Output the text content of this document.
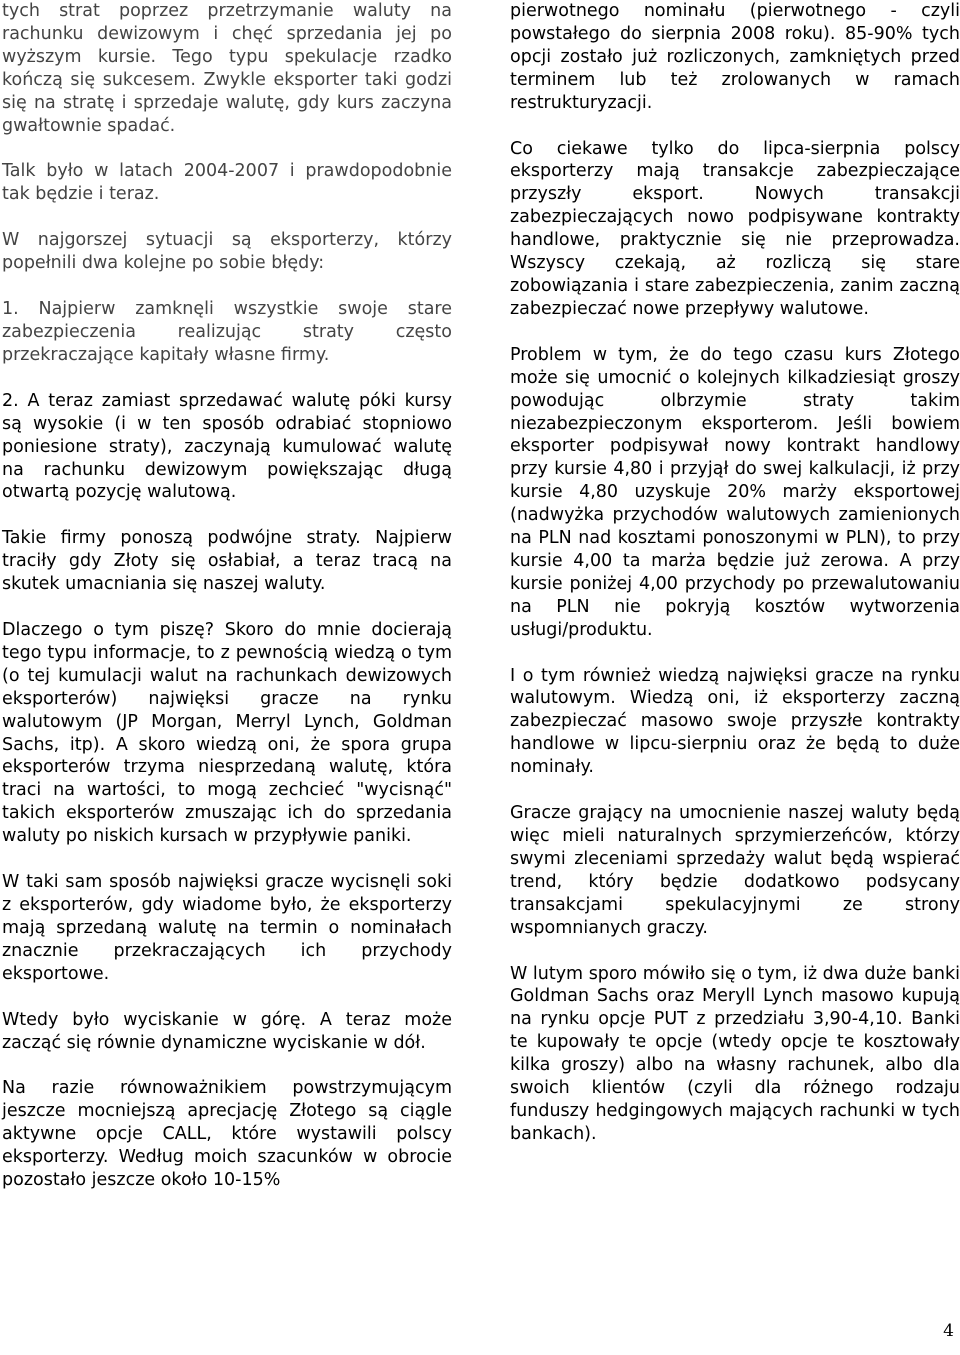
tych strat poprzez przetrzymanie waluty na rachunku dewizowym i chęć sprzedania jej po wyższym kursie. Tego typu spekulacje rzadko kończą się sukcesem. Zwykle eksporter taki godzi się na stratę i sprzedaje walutę, gdy kurs zaczyna gwałtownie spadać.

Talk było w latach 2004-2007 i prawdopodobnie tak będzie i teraz.

W najgorszej sytuacji są eksporterzy, którzy popełnili dwa kolejne po sobie błędy:

1. Najpierw zamknęli wszystkie swoje stare zabezpieczenia realizując straty często przekraczające kapitały własne firmy.

2. A teraz zamiast sprzedawać walutę póki kursy są wysokie (i w ten sposób odrabiać stopniowo poniesione straty), zaczynają kumulować walutę na rachunku dewizowym powiększając długą otwartą pozycję walutową.

Takie firmy ponoszą podwójne straty. Najpierw traciły gdy Złoty się osłabiał, a teraz tracą na skutek umacniania się naszej waluty.

Dlaczego o tym piszę? Skoro do mnie docierają tego typu informacje, to z pewnością wiedzą o tym (o tej kumulacji walut na rachunkach dewizowych eksporterów) najwięksi gracze na rynku walutowym (JP Morgan, Merryl Lynch, Goldman Sachs, itp). A skoro wiedzą oni, że spora grupa eksporterów trzyma niesprzedaną walutę, która traci na wartości, to mogą zechcieć "wycisnąć" takich eksporterów zmuszając ich do sprzedania waluty po niskich kursach w przypływie paniki.

W taki sam sposób najwięksi gracze wycisnęli soki z eksporterów, gdy wiadome było, że eksporterzy mają sprzedaną walutę na termin o nominałach znacznie przekraczających ich przychody eksportowe.

Wtedy było wyciskanie w górę. A teraz może zacząć się równie dynamiczne wyciskanie w dół.

Na razie równoważnikiem powstrzymującym jeszcze mocniejszą aprecjację Złotego są ciągle aktywne opcje CALL, które wystawili polscy eksporterzy. Według moich szacunków w obrocie pozostało jeszcze około 10-15%

pierwotnego nominału (pierwotnego - czyli powstałego do sierpnia 2008 roku). 85-90% tych opcji zostało już rozliczonych, zamkniętych przed terminem lub też zrolowanych w ramach restrukturyzacji.

Co ciekawe tylko do lipca-sierpnia polscy eksporterzy mają transakcje zabezpieczające przyszły eksport. Nowych transakcji zabezpieczających nowo podpisywane kontrakty handlowe, praktycznie się nie przeprowadza. Wszyscy czekają, aż rozliczą się stare zobowiązania i stare zabezpieczenia, zanim zaczną zabezpieczać nowe przepływy walutowe.

Problem w tym, że do tego czasu kurs Złotego może się umocnić o kolejnych kilkadziesiąt groszy powodując olbrzymie straty takim niezabezpieczonym eksporterom. Jeśli bowiem eksporter podpisywał nowy kontrakt handlowy przy kursie 4,80 i przyjął do swej kalkulacji, iż przy kursie 4,80 uzyskuje 20% marży eksportowej (nadwyżka przychodów walutowych zamienionych na PLN nad kosztami ponoszonymi w PLN), to przy kursie 4,00 ta marża będzie już zerowa. A przy kursie poniżej 4,00 przychody po przewalutowaniu na PLN nie pokryją kosztów wytworzenia usługi/produktu.

I o tym również wiedzą najwięksi gracze na rynku walutowym. Wiedzą oni, iż eksporterzy zaczną zabezpieczać masowo swoje przyszłe kontrakty handlowe w lipcu-sierpniu oraz że będą to duże nominały.

Gracze grający na umocnienie naszej waluty będą więc mieli naturalnych sprzymierzeńców, którzy swymi zleceniami sprzedaży walut będą wspierać trend, który będzie dodatkowo podsycany transakcjami spekulacyjnymi ze strony wspomnianych graczy.

W lutym sporo mówiło się o tym, iż dwa duże banki Goldman Sachs oraz Meryll Lynch masowo kupują na rynku opcje PUT z przedziału 3,90-4,10. Banki te kupowały te opcje (wtedy opcje te kosztowały kilka groszy) albo na własny rachunek, albo dla swoich klientów (czyli dla różnego rodzaju funduszy hedgingowych mających rachunki w tych bankach).

4
